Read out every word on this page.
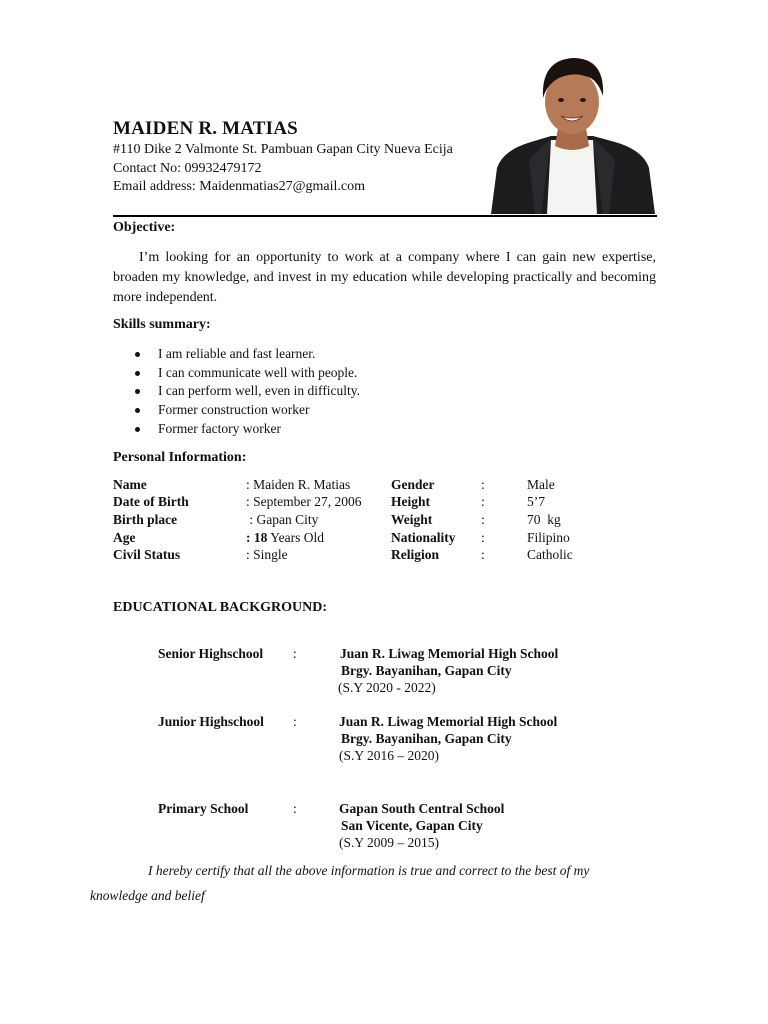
MAIDEN R. MATIAS
#110 Dike 2 Valmonte St. Pambuan Gapan City Nueva Ecija
Contact No: 09932479172
Email address: Maidenmatias27@gmail.com
Objective:

I’m looking for an opportunity to work at a company where I can gain new expertise, broaden my knowledge, and invest in my education while developing practically and becoming more independent.

Skills summary:
I am reliable and fast learner.
I can communicate well with people.
I can perform well, even in difficulty.
Former construction worker
Former factory worker
Personal Information:
Name	: Maiden R. Matias	Gender	:	Male
Date of Birth	: September 27, 2006 Height	:	5’7
Birth place	: Gapan City	Weight	:	70  kg
Age	: 18 Years Old	Nationality :	Filipino
Civil Status	: Single	Religion	:	Catholic
EDUCATIONAL BACKGROUND:
Senior Highschool :	Juan R. Liwag Memorial High School
Brgy. Bayanihan, Gapan City
(S.Y 2020 - 2022)
Junior Highschool :	Juan R. Liwag Memorial High School
Brgy. Bayanihan, Gapan City
(S.Y 2016 – 2020)
Primary School	:	Gapan South Central School
San Vicente, Gapan City
(S.Y 2009 – 2015)
I hereby certify that all the above information is true and correct to the best of my
knowledge and belief
